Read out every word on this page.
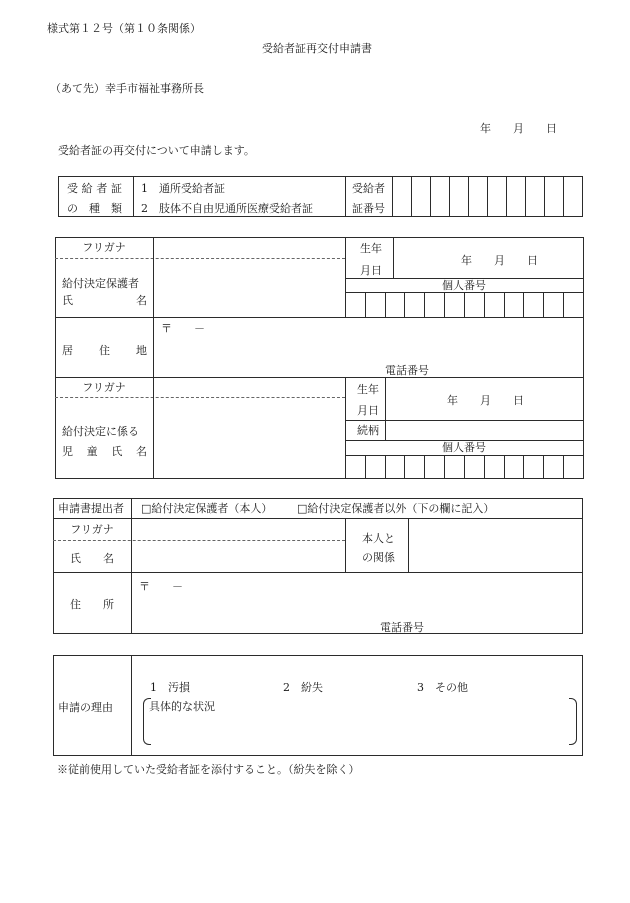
様式第１２号（第１０条関係）
受給者証再交付申請書
（あて先）幸手市福祉事務所長
年　　月　　日
受給者証の再交付について申請します。
受 給 者 証
の　種　類
1　通所受給者証
2　肢体不自由児通所医療受給者証
受給者
証番号
フリガナ
給付決定保護者
氏　　　　名
生年
月日
年　　月　　日
個人番号
居　　住　　地
〒　　－
電話番号
フリガナ
給付決定に係る
児　童　氏　名
生年
月日
年　　月　　日
続柄
個人番号
申請書提出者 □給付決定保護者（本人） □給付決定保護者以外（下の欄に記入）
フリガナ
氏　　名
本人と
の関係
〒　　－
住　　所
電話番号
申請の理由
1　汚損	2　紛失	3　その他
具体的な状況
※従前使用していた受給者証を添付すること。（紛失を除く）
